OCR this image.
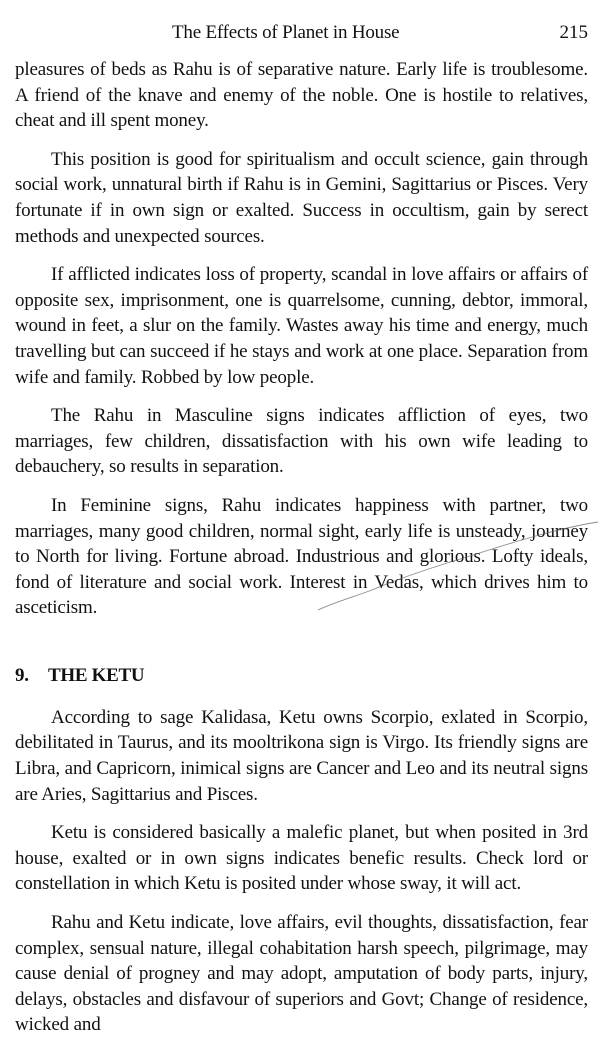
The Effects of Planet in House	215

pleasures of beds as Rahu is of separative nature. Early life is troublesome. A friend of the knave and enemy of the noble. One is hostile to relatives, cheat and ill spent money.

This position is good for spiritualism and occult science, gain through social work, unnatural birth if Rahu is in Gemini, Sagittarius or Pisces. Very fortunate if in own sign or exalted. Success in occultism, gain by serect methods and unexpected sources.

If afflicted indicates loss of property, scandal in love affairs or affairs of opposite sex, imprisonment, one is quarrelsome, cunning, debtor, immoral, wound in feet, a slur on the family. Wastes away his time and energy, much travelling but can succeed if he stays and work at one place. Separation from wife and family. Robbed by low people.

The Rahu in Masculine signs indicates affliction of eyes, two marriages, few children, dissatisfaction with his own wife leading to debauchery, so results in separation.

In Feminine signs, Rahu indicates happiness with partner, two marriages, many good children, normal sight, early life is unsteady, journey to North for living. Fortune abroad. Industrious and glorious. Lofty ideals, fond of literature and social work. Interest in Vedas, which drives him to asceticism.

9. THE KETU

According to sage Kalidasa, Ketu owns Scorpio, exlated in Scorpio, debilitated in Taurus, and its mooltrikona sign is Virgo. Its friendly signs are Libra, and Capricorn, inimical signs are Cancer and Leo and its neutral signs are Aries, Sagittarius and Pisces.

Ketu is considered basically a malefic planet, but when posited in 3rd house, exalted or in own signs indicates benefic results. Check lord or constellation in which Ketu is posited under whose sway, it will act.

Rahu and Ketu indicate, love affairs, evil thoughts, dissatisfaction, fear complex, sensual nature, illegal cohabitation harsh speech, pilgrimage, may cause denial of progney and may adopt, amputation of body parts, injury, delays, obstacles and disfavour of superiors and Govt; Change of residence, wicked and
